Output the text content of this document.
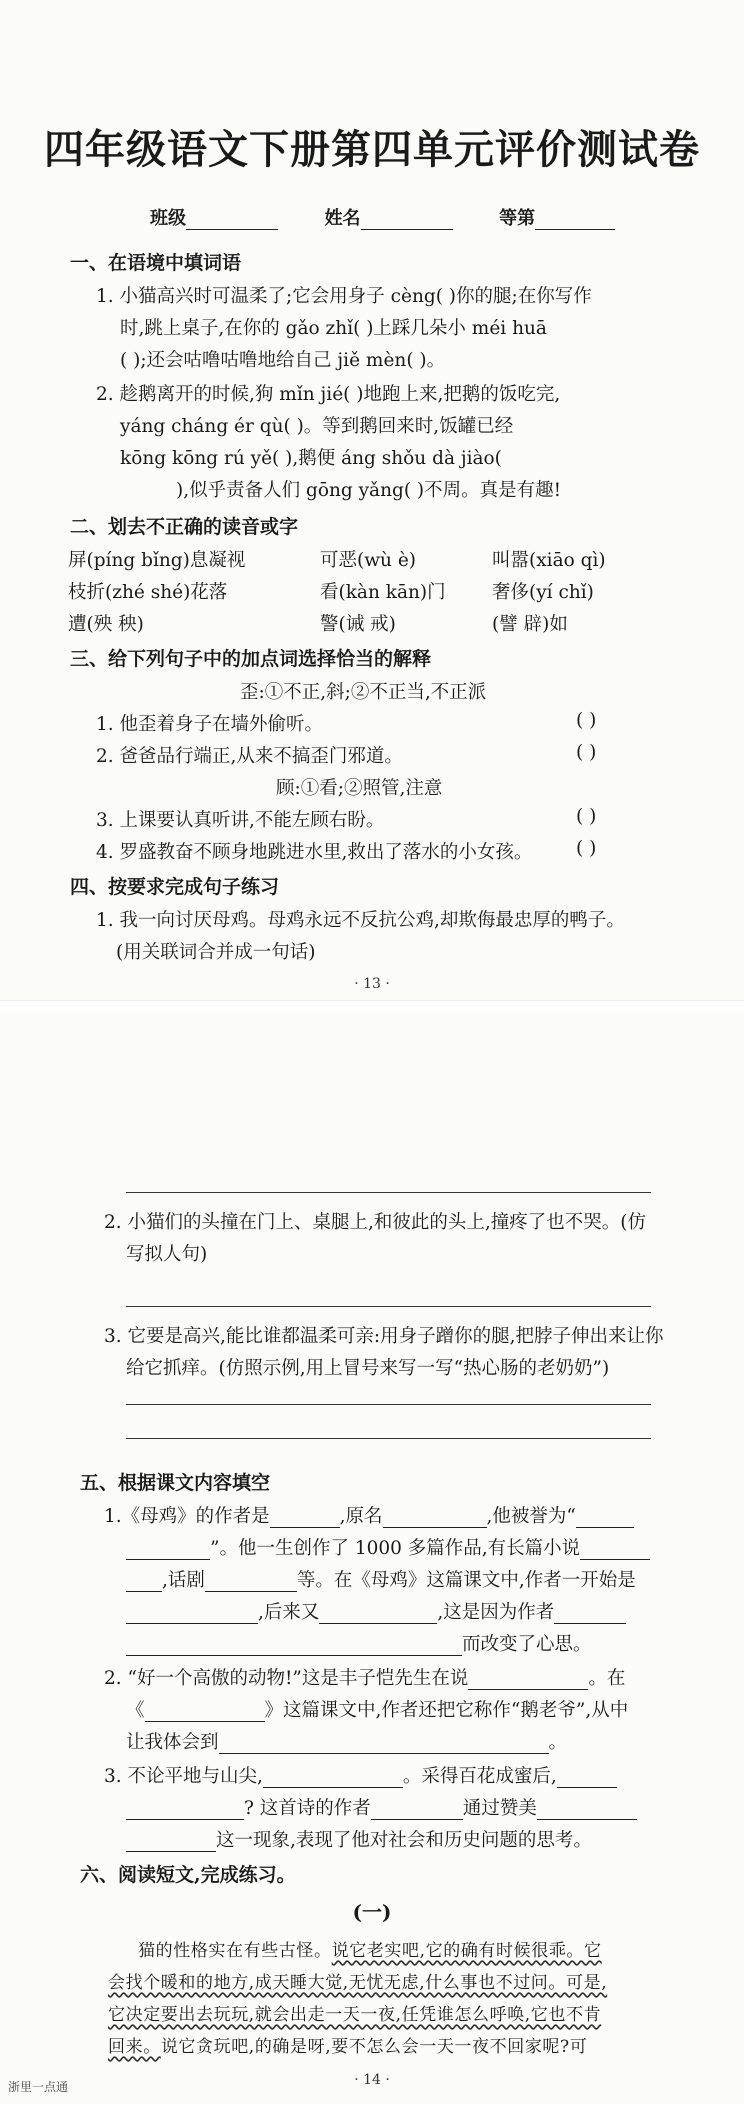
四年级语文下册第四单元评价测试卷
班级	姓名	等第
一、在语境中填词语
1. 小猫高兴时可温柔了;它会用身子 cèng( )你的腿;在你写作
时,跳上桌子,在你的 gǎo zhǐ( )上踩几朵小 méi huā
( );还会咕噜咕噜地给自己 jiě mèn( )。
2. 趁鹅离开的时候,狗 mǐn jié( )地跑上来,把鹅的饭吃完,
yáng cháng ér qù( )。等到鹅回来时,饭罐已经
kōng kōng rú yě( ),鹅便 áng shǒu dà jiào(
),似乎责备人们 gōng yǎng( )不周。真是有趣!
二、划去不正确的读音或字
屏(píng bǐng)息凝视	可恶(wù è)	叫嚣(xiāo qì)
枝折(zhé shé)花落	看(kàn kān)门	奢侈(yí chǐ)
遭(殃 秧)	警(诫 戒)	(譬 辟)如
三、给下列句子中的加点词选择恰当的解释
歪:①不正,斜;②不正当,不正派
1. 他歪着身子在墙外偷听。	( )
2. 爸爸品行端正,从来不搞歪门邪道。	( )
顾:①看;②照管,注意
3. 上课要认真听讲,不能左顾右盼。	( )
4. 罗盛教奋不顾身地跳进水里,救出了落水的小女孩。 ( )
四、按要求完成句子练习
1. 我一向讨厌母鸡。母鸡永远不反抗公鸡,却欺侮最忠厚的鸭子。
(用关联词合并成一句话)
· 13 ·
2. 小猫们的头撞在门上、桌腿上,和彼此的头上,撞疼了也不哭。(仿
写拟人句)
3. 它要是高兴,能比谁都温柔可亲:用身子蹭你的腿,把脖子伸出来让你
给它抓痒。(仿照示例,用上冒号来写一写“热心肠的老奶奶”)
五、根据课文内容填空
1.《母鸡》的作者是	,原名	,他被誉为“
”。他一生创作了 1000 多篇作品,有长篇小说
,话剧	等。在《母鸡》这篇课文中,作者一开始是
,后来又	,这是因为作者
而改变了心思。
2. “好一个高傲的动物!”这是丰子恺先生在说	。在
《	》这篇课文中,作者还把它称作“鹅老爷”,从中
让我体会到	。
3. 不论平地与山尖,	。采得百花成蜜后,
? 这首诗的作者	通过赞美
这一现象,表现了他对社会和历史问题的思考。
六、阅读短文,完成练习。
(一)
猫的性格实在有些古怪。说它老实吧,它的确有时候很乖。它
会找个暖和的地方,成天睡大觉,无忧无虑,什么事也不过问。可是,
它决定要出去玩玩,就会出走一天一夜,任凭谁怎么呼唤,它也不肯
回来。说它贪玩吧,的确是呀,要不怎么会一天一夜不回家呢?可
· 14 ·
浙里一点通
